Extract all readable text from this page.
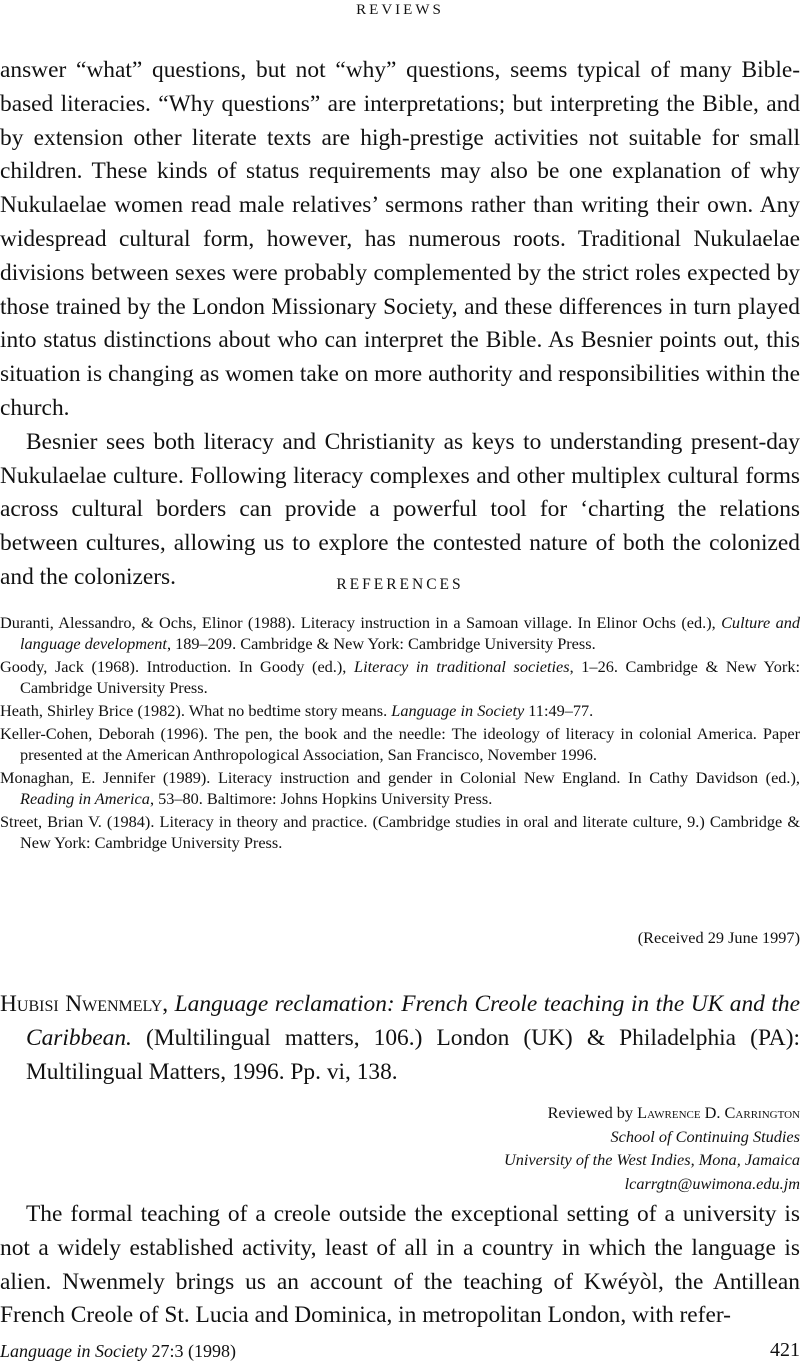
REVIEWS

answer “what” questions, but not “why” questions, seems typical of many Bible-based literacies. “Why questions” are interpretations; but interpreting the Bible, and by extension other literate texts are high-prestige activities not suitable for small children. These kinds of status requirements may also be one explanation of why Nukulaelae women read male relatives’ sermons rather than writing their own. Any widespread cultural form, however, has numerous roots. Traditional Nukulaelae divisions between sexes were probably complemented by the strict roles expected by those trained by the London Missionary Society, and these differences in turn played into status distinctions about who can interpret the Bible. As Besnier points out, this situation is changing as women take on more authority and responsibilities within the church.

Besnier sees both literacy and Christianity as keys to understanding present-day Nukulaelae culture. Following literacy complexes and other multiplex cultural forms across cultural borders can provide a powerful tool for ‘charting the relations between cultures, allowing us to explore the contested nature of both the colonized and the colonizers.	REFERENCES

Duranti, Alessandro, & Ochs, Elinor (1988). Literacy instruction in a Samoan village. In Elinor Ochs (ed.), Culture and language development, 189–209. Cambridge & New York: Cambridge University Press.

Goody, Jack (1968). Introduction. In Goody (ed.), Literacy in traditional societies, 1–26. Cambridge & New York: Cambridge University Press.

Heath, Shirley Brice (1982). What no bedtime story means. Language in Society 11:49–77.

Keller-Cohen, Deborah (1996). The pen, the book and the needle: The ideology of literacy in colonial America. Paper presented at the American Anthropological Association, San Francisco, November 1996.

Monaghan, E. Jennifer (1989). Literacy instruction and gender in Colonial New England. In Cathy Davidson (ed.), Reading in America, 53–80. Baltimore: Johns Hopkins University Press.

Street, Brian V. (1984). Literacy in theory and practice. (Cambridge studies in oral and literate culture, 9.) Cambridge & New York: Cambridge University Press.

(Received 29 June 1997)
Hubisi Nwenmely, Language reclamation: French Creole teaching in the UK and the Caribbean. (Multilingual matters, 106.) London (UK) & Philadelphia (PA): Multilingual Matters, 1996. Pp. vi, 138.
Reviewed by Lawrence D. Carrington
School of Continuing Studies
University of the West Indies, Mona, Jamaica
lcarrgtn@uwimona.edu.jm

The formal teaching of a creole outside the exceptional setting of a university is not a widely established activity, least of all in a country in which the language is alien. Nwenmely brings us an account of the teaching of Kwéyòl, the Antillean French Creole of St. Lucia and Dominica, in metropolitan London, with refer-

Language in Society 27:3 (1998)	421
